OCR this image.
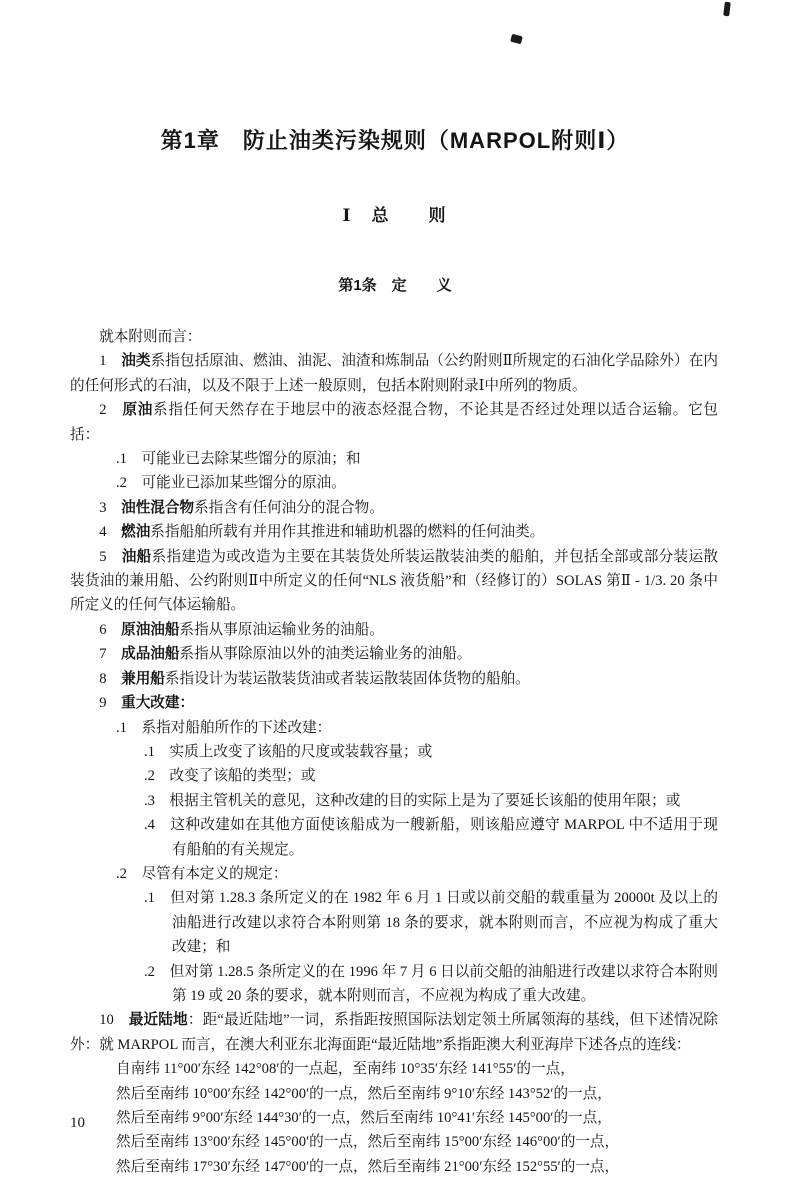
第1章　防止油类污染规则（MARPOL附则Ⅰ）
Ⅰ　总　　则
第1条　定　　义

就本附则而言：

1　油类系指包括原油、燃油、油泥、油渣和炼制品（公约附则Ⅱ所规定的石油化学品除外）在内的任何形式的石油，以及不限于上述一般原则，包括本附则附录Ⅰ中所列的物质。

2　原油系指任何天然存在于地层中的液态烃混合物，不论其是否经过处理以适合运输。它包括：

.1　可能业已去除某些馏分的原油；和

.2　可能业已添加某些馏分的原油。

3　油性混合物系指含有任何油分的混合物。

4　燃油系指船舶所载有并用作其推进和辅助机器的燃料的任何油类。

5　油船系指建造为或改造为主要在其装货处所装运散装油类的船舶，并包括全部或部分装运散装货油的兼用船、公约附则Ⅱ中所定义的任何“NLS 液货船”和（经修订的）SOLAS 第Ⅱ - 1/3. 20 条中所定义的任何气体运输船。

6　原油油船系指从事原油运输业务的油船。

7　成品油船系指从事除原油以外的油类运输业务的油船。

8　兼用船系指设计为装运散装货油或者装运散装固体货物的船舶。

9　重大改建：

.1　系指对船舶所作的下述改建：

.1　实质上改变了该船的尺度或装载容量；或

.2　改变了该船的类型；或

.3　根据主管机关的意见，这种改建的目的实际上是为了要延长该船的使用年限；或

.4　这种改建如在其他方面使该船成为一艘新船，则该船应遵守 MARPOL 中不适用于现有船舶的有关规定。

.2　尽管有本定义的规定：

.1　但对第 1.28.3 条所定义的在 1982 年 6 月 1 日或以前交船的载重量为 20000t 及以上的油船进行改建以求符合本附则第 18 条的要求，就本附则而言，不应视为构成了重大改建；和

.2　但对第 1.28.5 条所定义的在 1996 年 7 月 6 日以前交船的油船进行改建以求符合本附则第 19 或 20 条的要求，就本附则而言，不应视为构成了重大改建。

10　最近陆地：距“最近陆地”一词，系指距按照国际法划定领土所属领海的基线，但下述情况除外：就 MARPOL 而言，在澳大利亚东北海面距“最近陆地”系指距澳大利亚海岸下述各点的连线：

自南纬 11°00′东经 142°08′的一点起，至南纬 10°35′东经 141°55′的一点，

然后至南纬 10°00′东经 142°00′的一点，然后至南纬 9°10′东经 143°52′的一点，

然后至南纬 9°00′东经 144°30′的一点，然后至南纬 10°41′东经 145°00′的一点，

然后至南纬 13°00′东经 145°00′的一点，然后至南纬 15°00′东经 146°00′的一点，

然后至南纬 17°30′东经 147°00′的一点，然后至南纬 21°00′东经 152°55′的一点，

10
